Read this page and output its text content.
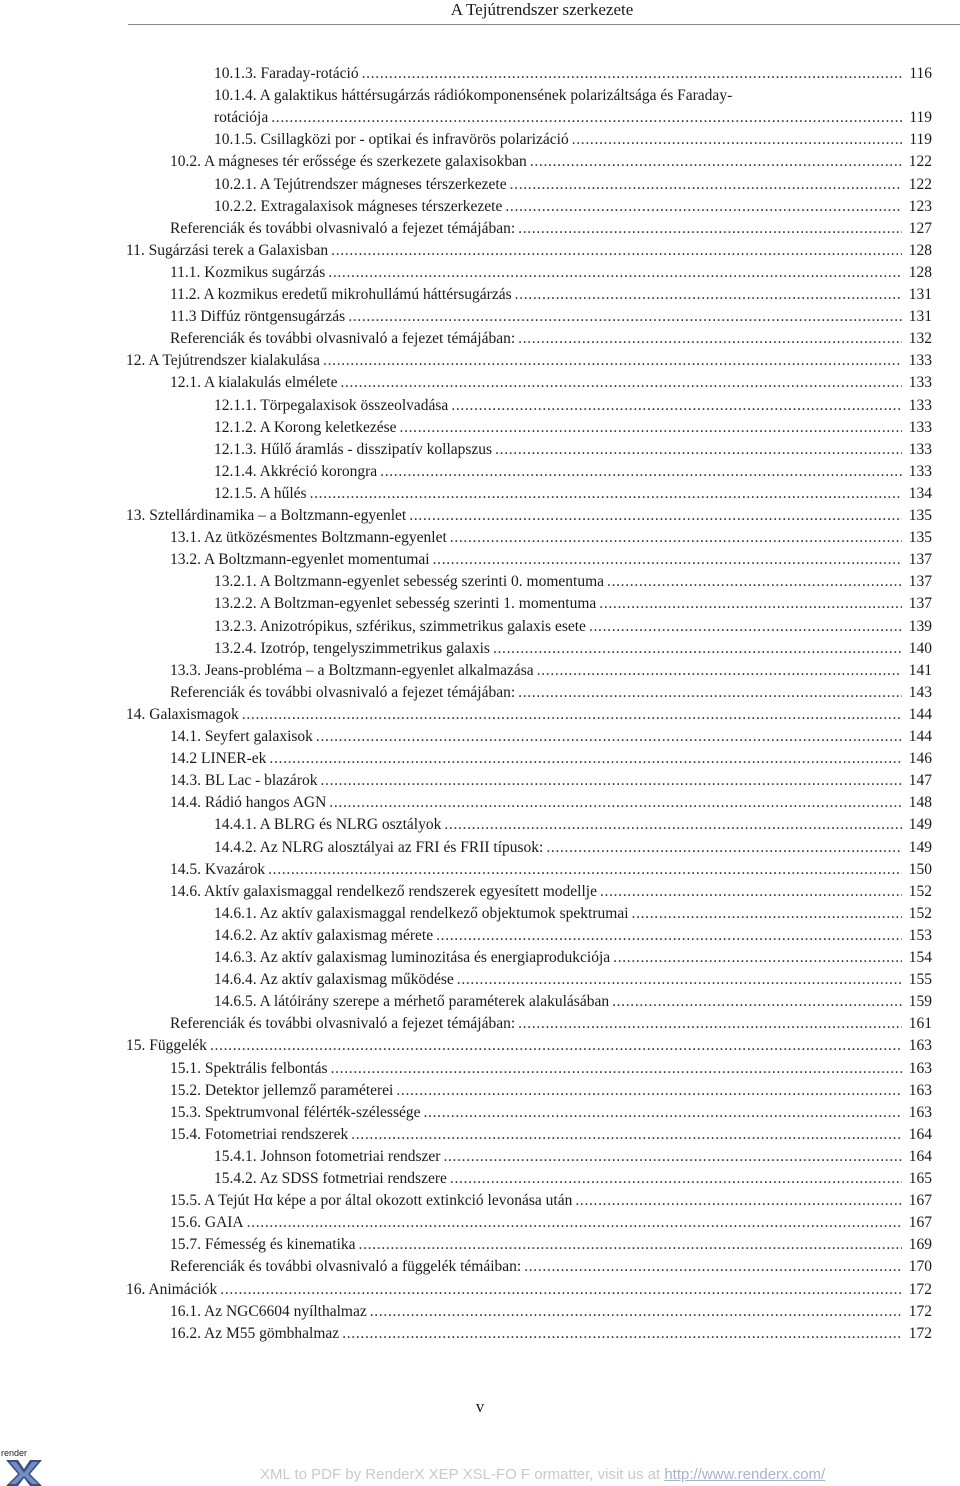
A Tejútrendszer szerkezete
10.1.3. Faraday-rotáció . . .	116
10.1.4. A galaktikus háttérsugárzás rádiókomponensének polarizáltsága és Faraday-
rotációja . . .	119
10.1.5. Csillagközi por - optikai és infravörös polarizáció . . .	119
10.2. A mágneses tér erőssége és szerkezete galaxisokban . . .	122
10.2.1. A Tejútrendszer mágneses térszerkezete . . .	122
10.2.2. Extragalaxisok mágneses térszerkezete . . .	123
Referenciák és további olvasnivaló a fejezet témájában: . . .	127
11. Sugárzási terek a Galaxisban . . .	128
11.1. Kozmikus sugárzás . . .	128
11.2. A kozmikus eredetű mikrohullámú háttérsugárzás . . .	131
11.3 Diffúz röntgensugárzás . . .	131
Referenciák és további olvasnivaló a fejezet témájában: . . .	132
12. A Tejútrendszer kialakulása . . .	133
12.1. A kialakulás elmélete . . .	133
12.1.1. Törpegalaxisok összeolvadása . . .	133
12.1.2. A Korong keletkezése . . .	133
12.1.3. Hűlő áramlás - disszipatív kollapszus . . .	133
12.1.4. Akkréció korongra . . .	133
12.1.5. A hűlés . . .	134
13. Sztellárdinamika – a Boltzmann-egyenlet . . .	135
13.1. Az ütközésmentes Boltzmann-egyenlet . . .	135
13.2. A Boltzmann-egyenlet momentumai . . .	137
13.2.1. A Boltzmann-egyenlet sebesség szerinti 0. momentuma . . .	137
13.2.2. A Boltzman-egyenlet sebesség szerinti 1. momentuma . . .	137
13.2.3. Anizotrópikus, szférikus, szimmetrikus galaxis esete . . .	139
13.2.4. Izotróp, tengelyszimmetrikus galaxis . . .	140
13.3. Jeans-probléma – a Boltzmann-egyenlet alkalmazása . . .	141
Referenciák és további olvasnivaló a fejezet témájában: . . .	143
14. Galaxismagok . . .	144
14.1. Seyfert galaxisok . . .	144
14.2 LINER-ek . . .	146
14.3. BL Lac - blazárok . . .	147
14.4. Rádió hangos AGN . . .	148
14.4.1. A BLRG és NLRG osztályok . . .	149
14.4.2. Az NLRG alosztályai az FRI és FRII típusok: . . .	149
14.5. Kvazárok . . .	150
14.6. Aktív galaxismaggal rendelkező rendszerek egyesített modellje . . .	152
14.6.1. Az aktív galaxismaggal rendelkező objektumok spektrumai . . .	152
14.6.2. Az aktív galaxismag mérete . . .	153
14.6.3. Az aktív galaxismag luminozitása és energiaprodukciója . . .	154
14.6.4. Az aktív galaxismag működése . . .	155
14.6.5. A látóirány szerepe a mérhető paraméterek alakulásában . . .	159
Referenciák és további olvasnivaló a fejezet témájában: . . .	161
15. Függelék . . .	163
15.1. Spektrális felbontás . . .	163
15.2. Detektor jellemző paraméterei . . .	163
15.3. Spektrumvonal félérték-szélessége . . .	163
15.4. Fotometriai rendszerek . . .	164
15.4.1. Johnson fotometriai rendszer . . .	164
15.4.2. Az SDSS fotmetriai rendszere . . .	165
15.5. A Tejút Hα képe a por által okozott extinkció levonása után . . .	167
15.6. GAIA . . .	167
15.7. Fémesség és kinematika . . .	169
Referenciák és további olvasnivaló a függelék témáiban: . . .	170
16. Animációk . . .	172
16.1. Az NGC6604 nyílthalmaz . . .	172
16.2. Az M55 gömbhalmaz . . .	172
v
render
XML to PDF by RenderX XEP XSL-FO F ormatter, visit us at http://www.renderx.com/
